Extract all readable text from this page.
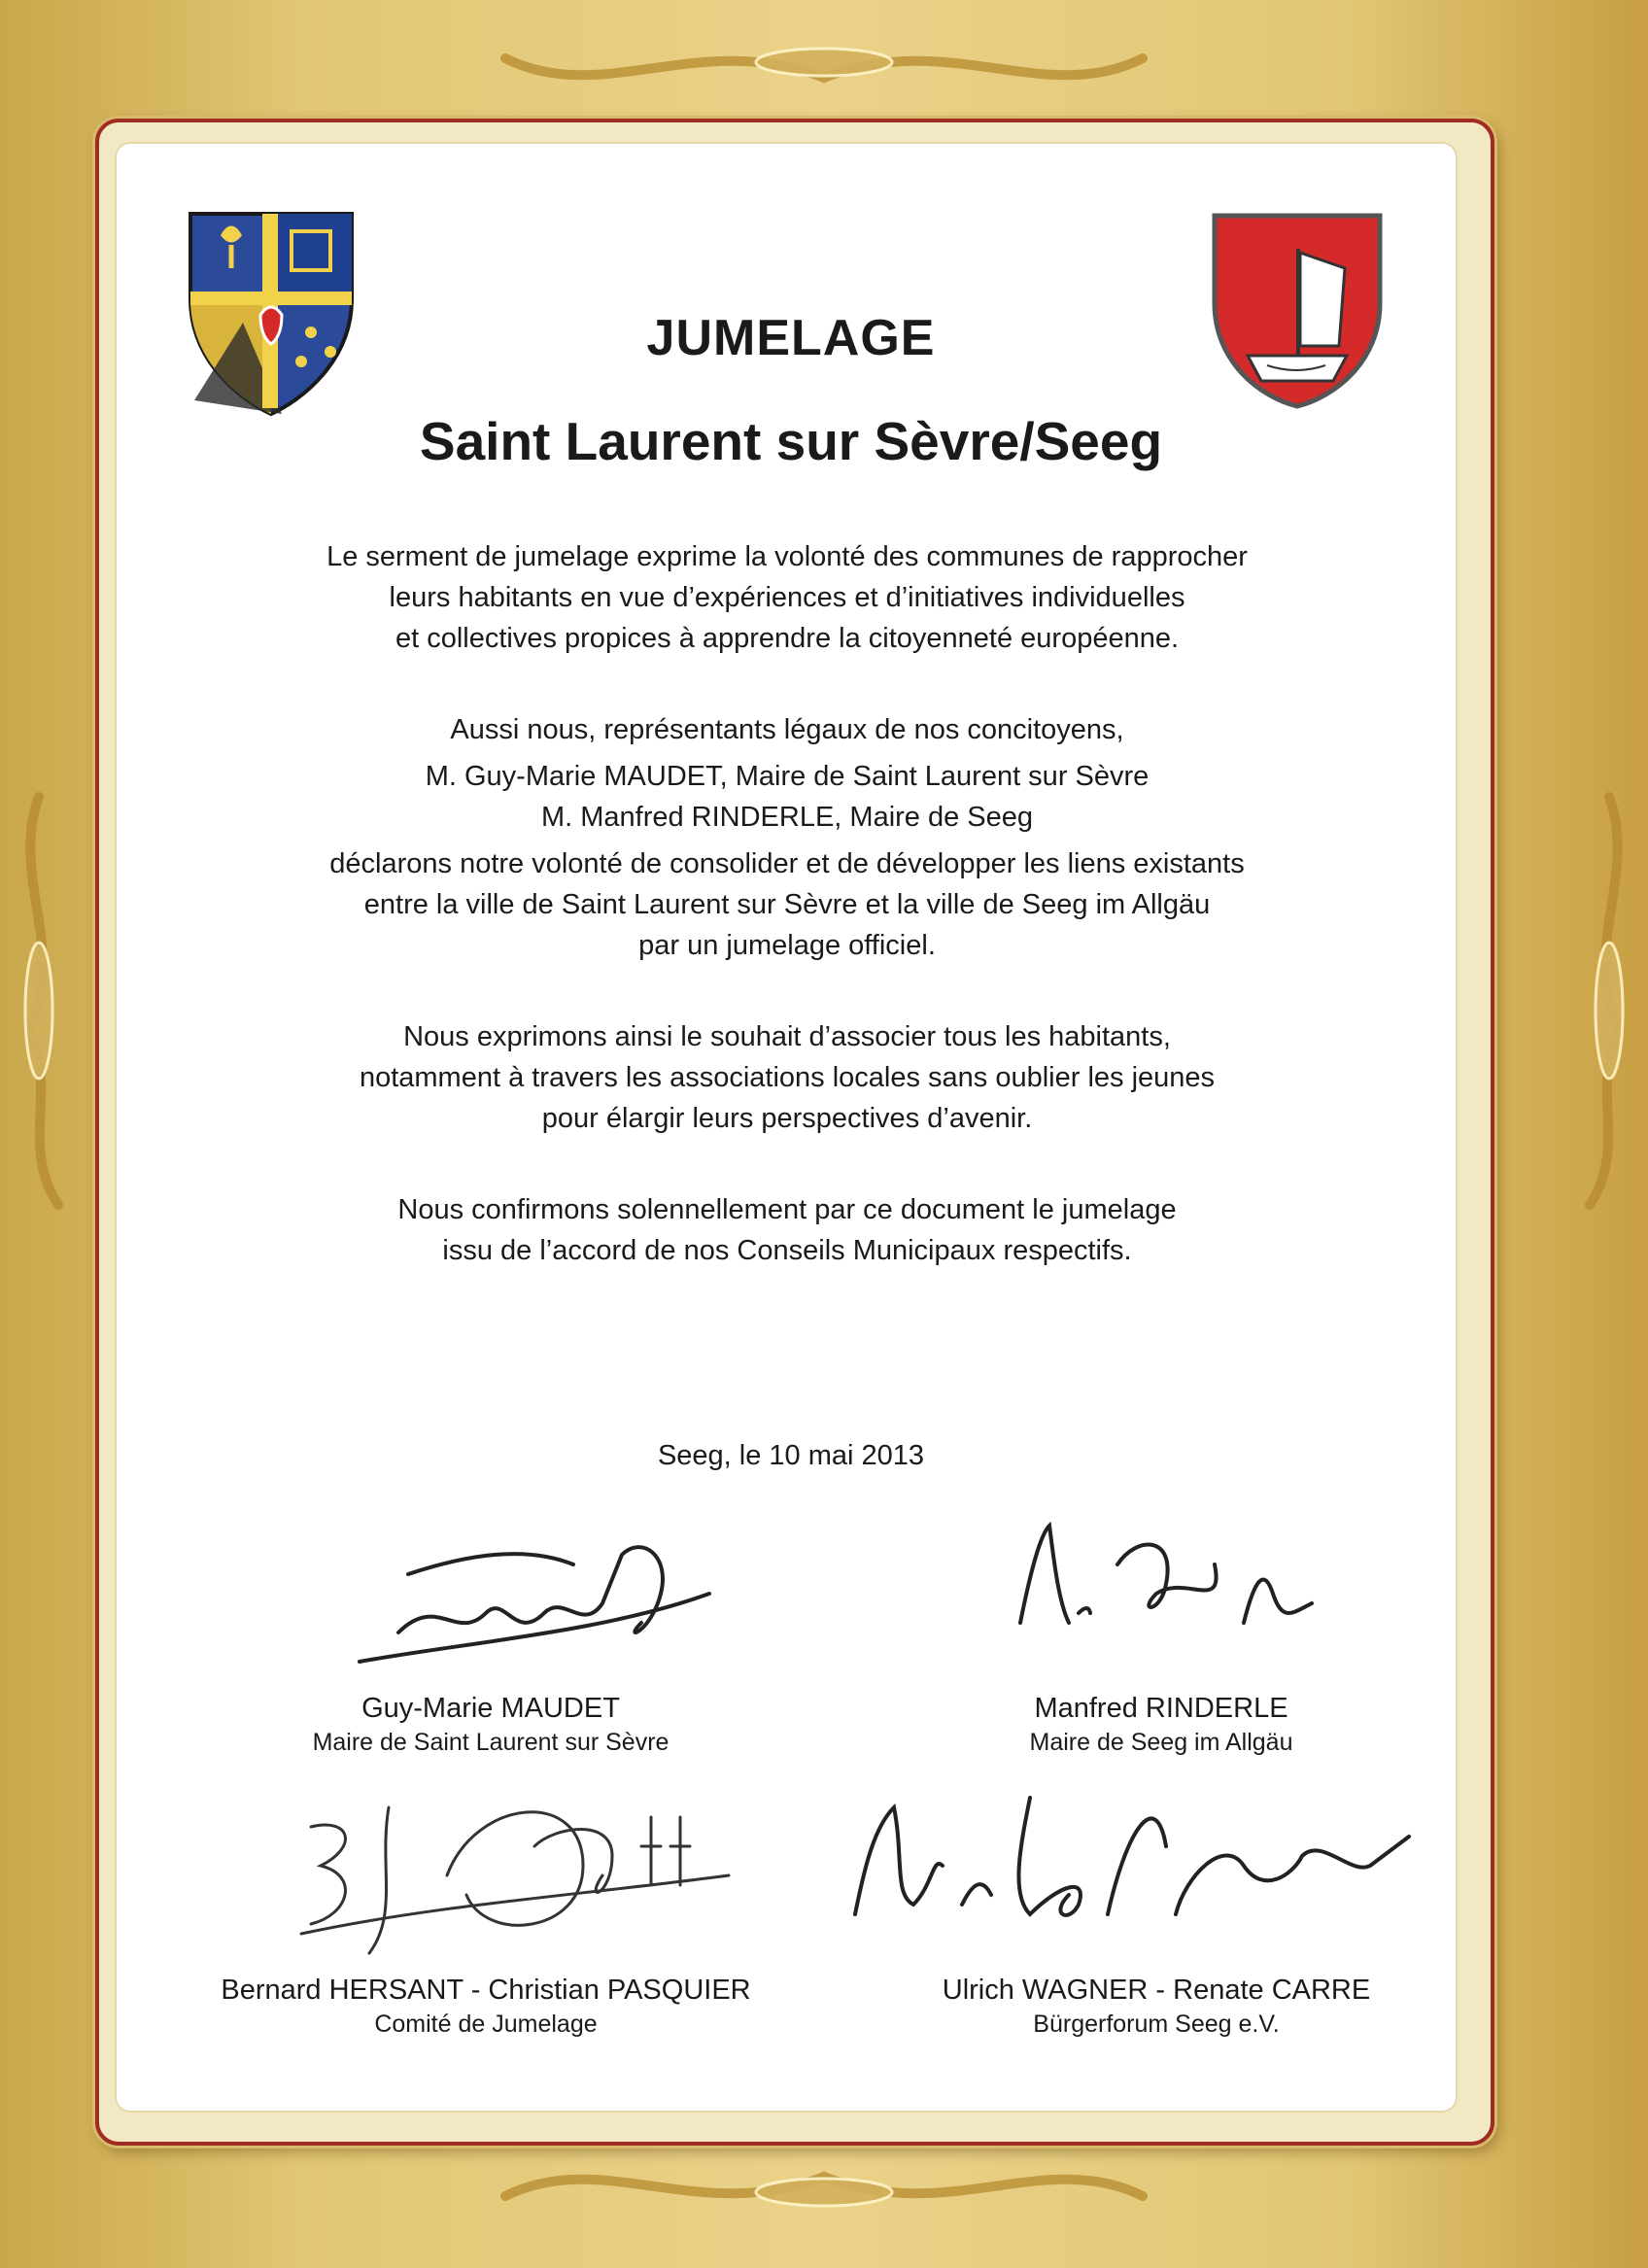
JUMELAGE
Saint Laurent sur Sèvre/Seeg

Le serment de jumelage exprime la volonté des communes de rapprocher
leurs habitants en vue d’expériences et d’initiatives individuelles
et collectives propices à apprendre la citoyenneté européenne.

Aussi nous, représentants légaux de nos concitoyens,

M. Guy-Marie MAUDET, Maire de Saint Laurent sur Sèvre
M. Manfred RINDERLE, Maire de Seeg

déclarons notre volonté de consolider et de développer les liens existants
entre la ville de Saint Laurent sur Sèvre et la ville de Seeg im Allgäu
par un jumelage officiel.

Nous exprimons ainsi le souhait d’associer tous les habitants,
notamment à travers les associations locales sans oublier les jeunes
pour élargir leurs perspectives d’avenir.

Nous confirmons solennellement par ce document le jumelage
issu de l’accord de nos Conseils Municipaux respectifs.

Seeg, le 10 mai 2013
Guy-Marie MAUDET
Maire de Saint Laurent sur Sèvre
Manfred RINDERLE
Maire de Seeg im Allgäu
Bernard HERSANT - Christian PASQUIER
Comité de Jumelage
Ulrich WAGNER - Renate CARRE
Bürgerforum Seeg e.V.
